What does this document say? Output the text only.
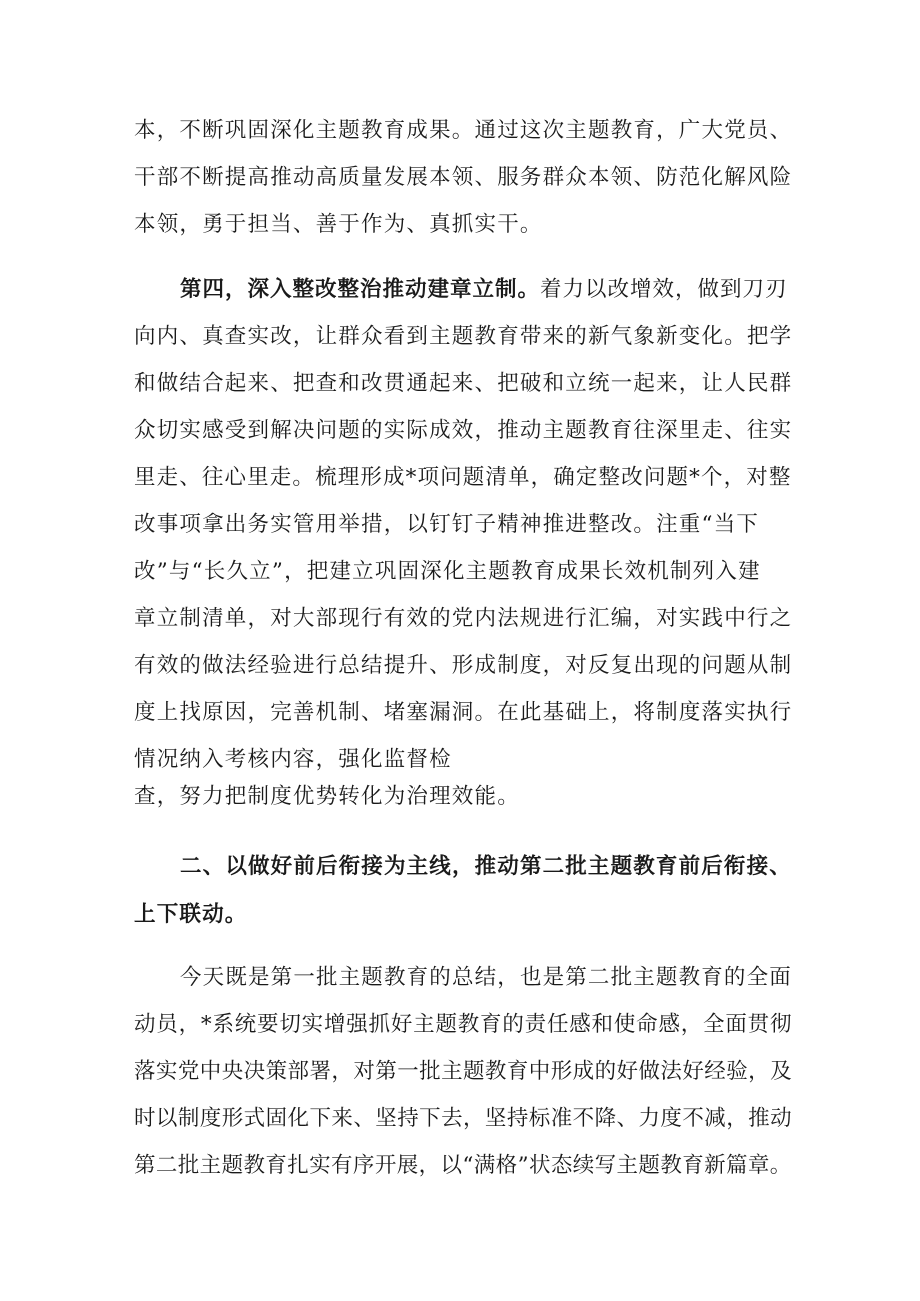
本，不断巩固深化主题教育成果。通过这次主题教育，广大党员、
干部不断提高推动高质量发展本领、服务群众本领、防范化解风险
本领，勇于担当、善于作为、真抓实干。
第四，深入整改整治推动建章立制。着力以改增效，做到刀刃
向内、真查实改，让群众看到主题教育带来的新气象新变化。把学
和做结合起来、把查和改贯通起来、把破和立统一起来，让人民群
众切实感受到解决问题的实际成效，推动主题教育往深里走、往实
里走、往心里走。梳理形成*项问题清单，确定整改问题*个，对整
改事项拿出务实管用举措，以钉钉子精神推进整改。注重“当下
改”与“长久立”，把建立巩固深化主题教育成果长效机制列入建
章立制清单，对大部现行有效的党内法规进行汇编，对实践中行之
有效的做法经验进行总结提升、形成制度，对反复出现的问题从制
度上找原因，完善机制、堵塞漏洞。在此基础上，将制度落实执行
情况纳入考核内容，强化监督检
查，努力把制度优势转化为治理效能。
二、以做好前后衔接为主线，推动第二批主题教育前后衔接、
上下联动。
今天既是第一批主题教育的总结，也是第二批主题教育的全面
动员，*系统要切实增强抓好主题教育的责任感和使命感，全面贯彻
落实党中央决策部署，对第一批主题教育中形成的好做法好经验，及
时以制度形式固化下来、坚持下去，坚持标准不降、力度不减，推动
第二批主题教育扎实有序开展，以“满格”状态续写主题教育新篇章。
